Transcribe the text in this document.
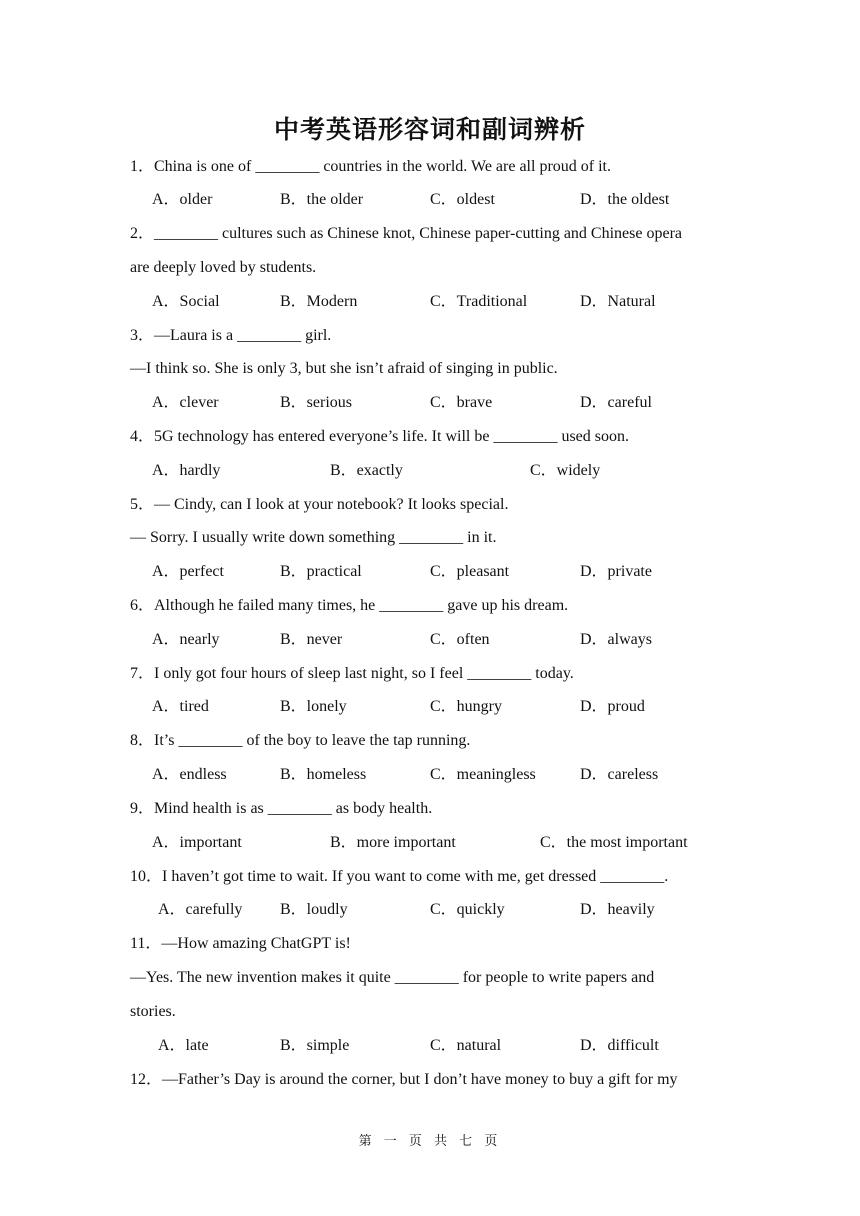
中考英语形容词和副词辨析
1．China is one of ________ countries in the world. We are all proud of it.
A．older	B．the older	C．oldest	D．the oldest
2．________ cultures such as Chinese knot, Chinese paper-cutting and Chinese opera
are deeply loved by students.
A．Social	B．Modern	C．Traditional	D．Natural
3．—Laura is a ________ girl.
—I think so. She is only 3, but she isn’t afraid of singing in public.
A．clever	B．serious	C．brave	D．careful
4．5G technology has entered everyone’s life. It will be ________ used soon.
A．hardly	B．exactly	C．widely
5．— Cindy, can I look at your notebook? It looks special.
— Sorry. I usually write down something ________ in it.
A．perfect	B．practical	C．pleasant	D．private
6．Although he failed many times, he ________ gave up his dream.
A．nearly	B．never	C．often	D．always
7．I only got four hours of sleep last night, so I feel ________ today.
A．tired	B．lonely	C．hungry	D．proud
8．It’s ________ of the boy to leave the tap running.
A．endless	B．homeless	C．meaningless	D．careless
9．Mind health is as ________ as body health.
A．important	B．more important	C．the most important
10．I haven’t got time to wait. If you want to come with me, get dressed ________.
A．carefully B．loudly	C．quickly	D．heavily
11．—How amazing ChatGPT is!
—Yes. The new invention makes it quite ________ for people to write papers and
stories.
A．late	B．simple	C．natural	D．difficult
12．—Father’s Day is around the corner, but I don’t have money to buy a gift for my
第 一 页 共 七 页
